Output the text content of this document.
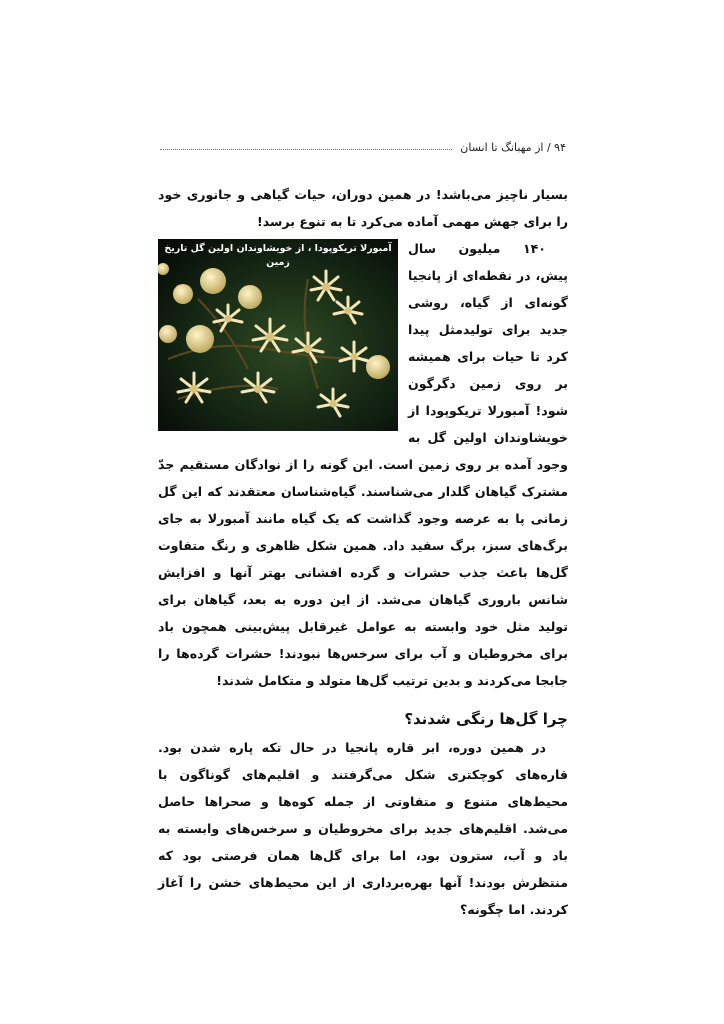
۹۴ / از مهبانگ تا انسان

بسیار ناچیز می‌باشد! در همین دوران، حیات گیاهی و جانوری خود را برای جهش مهمی آماده می‌کرد تا به تنوع برسد!

آمبورلا تریکوپودا ، از خویشاوندان اولین گل تاریخ زمین

۱۴۰ میلیون سال پیش، در نقطه‌ای از پانجیا گونه‌ای از گیاه، روشی جدید برای تولیدمثل پیدا کرد تا حیات برای همیشه بر روی زمین دگرگون شود! آمبورلا تریکوپودا از خویشاوندان اولین گل به وجود آمده بر روی زمین است. این گونه را از نوادگان مستقیم جدّ مشترک گیاهان گلدار می‌شناسند. گیاه‌شناسان معتقدند که این گل زمانی پا به عرصه وجود گذاشت که یک گیاه مانند آمبورلا به جای برگ‌های سبز، برگ سفید داد. همین شکل ظاهری و رنگ متفاوت گل‌ها باعث جذب حشرات و گرده افشانی بهتر آنها و افزایش شانس باروری گیاهان می‌شد. از این دوره به بعد، گیاهان برای تولید مثل خود وابسته به عوامل غیرقابل پیش‌بینی همچون باد برای مخروطیان و آب برای سرخس‌ها نبودند! حشرات گرده‌ها را جابجا می‌کردند و بدین ترتیب گل‌ها متولد و متکامل شدند!

چرا گل‌ها رنگی شدند؟

در همین دوره، ابر قاره پانجیا در حال تکه پاره شدن بود. قاره‌های کوچکتری شکل می‌گرفتند و اقلیم‌های گوناگون با محیط‌های متنوع و متفاوتی از جمله کوه‌ها و صحراها حاصل می‌شد. اقلیم‌های جدید برای مخروطیان و سرخس‌های وابسته به باد و آب، سترون بود، اما برای گل‌ها همان فرصتی بود که منتظرش بودند! آنها بهره‌برداری از این محیط‌های خشن را آغاز کردند. اما چگونه؟
